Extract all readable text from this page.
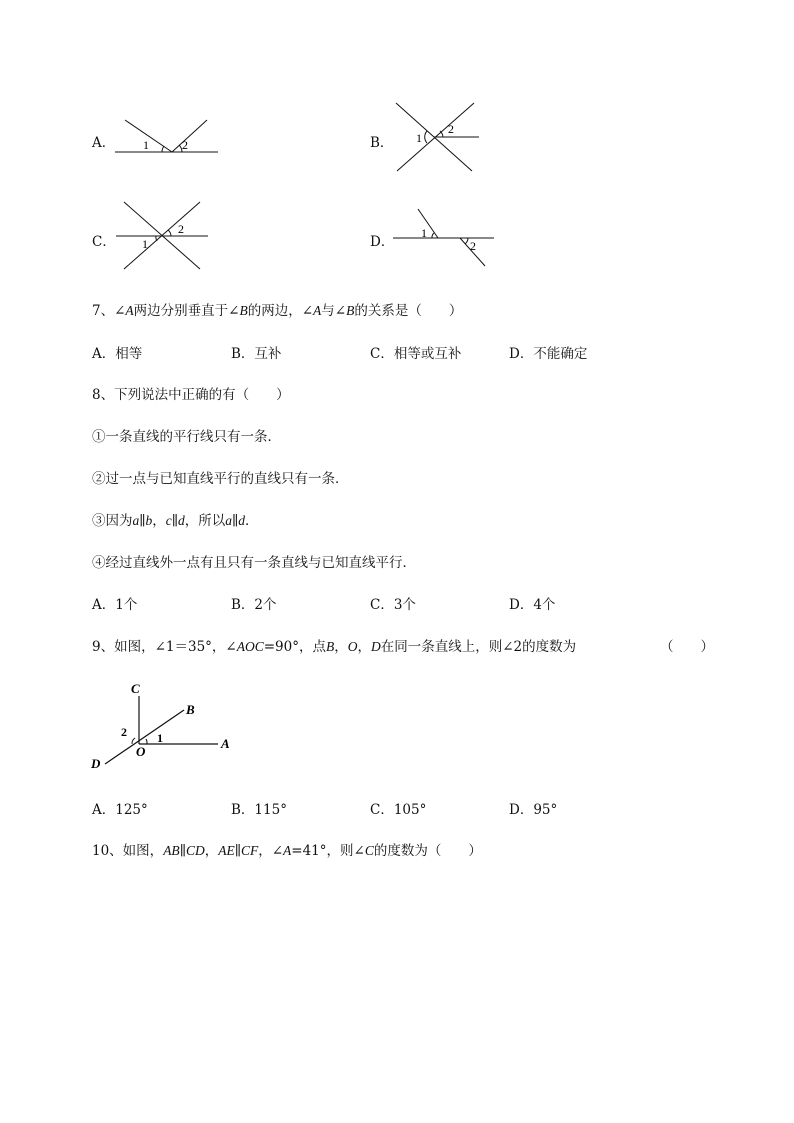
A． 1	2	B． 1
2
C． 1
2
D．
1
2
7、∠A两边分别垂直于∠B的两边，∠A与∠B的关系是（　　）
A．相等	B．互补	C．相等或互补	D．不能确定
8、下列说法中正确的有（　　）
①一条直线的平行线只有一条．
②过一点与已知直线平行的直线只有一条．
③因为a∥b，c∥d，所以a∥d．
④经过直线外一点有且只有一条直线与已知直线平行．
A．1个	B．2个	C．3个	D．4个
9、如图，∠1＝35°，∠AOC=90°，点B，O，D在同一条直线上，则∠2的度数为	（　　）
C
B
A
D
O
1
2
A．125°	B．115°	C．105°	D．95°
10、如图，AB∥CD，AE∥CF，∠A=41°，则∠C的度数为（　　）
